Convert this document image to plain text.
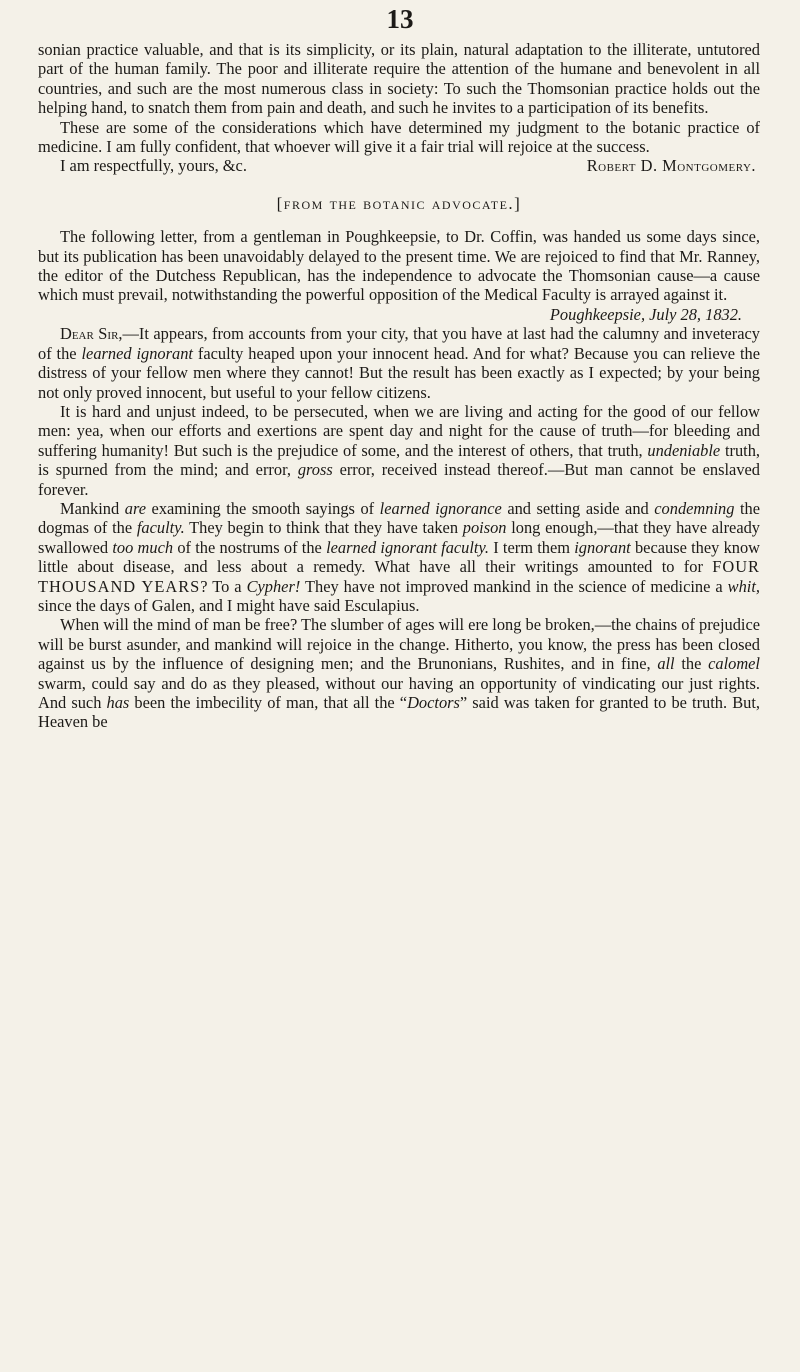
13

sonian practice valuable, and that is its simplicity, or its plain, natural adaptation to the illiterate, untutored part of the human family. The poor and illiterate require the attention of the humane and benevolent in all countries, and such are the most numerous class in society: To such the Thomsonian practice holds out the helping hand, to snatch them from pain and death, and such he invites to a participation of its benefits.

These are some of the considerations which have determined my judgment to the botanic practice of medicine. I am fully confident, that whoever will give it a fair trial will rejoice at the success.

I am respectfully, yours, &c.	Robert D. Montgomery.

[from the botanic advocate.]

The following letter, from a gentleman in Poughkeepsie, to Dr. Coffin, was handed us some days since, but its publication has been unavoidably delayed to the present time. We are rejoiced to find that Mr. Ranney, the editor of the Dutchess Republican, has the independence to advocate the Thomsonian cause—a cause which must prevail, notwithstanding the powerful opposition of the Medical Faculty is arrayed against it.

Poughkeepsie, July 28, 1832.

Dear Sir,—It appears, from accounts from your city, that you have at last had the calumny and inveteracy of the learned ignorant faculty heaped upon your innocent head. And for what? Because you can relieve the distress of your fellow men where they cannot! But the result has been exactly as I expected; by your being not only proved innocent, but useful to your fellow citizens.

It is hard and unjust indeed, to be persecuted, when we are living and acting for the good of our fellow men: yea, when our efforts and exertions are spent day and night for the cause of truth—for bleeding and suffering humanity! But such is the prejudice of some, and the interest of others, that truth, undeniable truth, is spurned from the mind; and error, gross error, received instead thereof.—But man cannot be enslaved forever.

Mankind are examining the smooth sayings of learned ignorance and setting aside and condemning the dogmas of the faculty. They begin to think that they have taken poison long enough,—that they have already swallowed too much of the nostrums of the learned ignorant faculty. I term them ignorant because they know little about disease, and less about a remedy. What have all their writings amounted to for FOUR THOUSAND YEARS? To a Cypher! They have not improved mankind in the science of medicine a whit, since the days of Galen, and I might have said Esculapius.

When will the mind of man be free? The slumber of ages will ere long be broken,—the chains of prejudice will be burst asunder, and mankind will rejoice in the change. Hitherto, you know, the press has been closed against us by the influence of designing men; and the Brunonians, Rushites, and in fine, all the calomel swarm, could say and do as they pleased, without our having an opportunity of vindicating our just rights. And such has been the imbecility of man, that all the “Doctors” said was taken for granted to be truth. But, Heaven be
